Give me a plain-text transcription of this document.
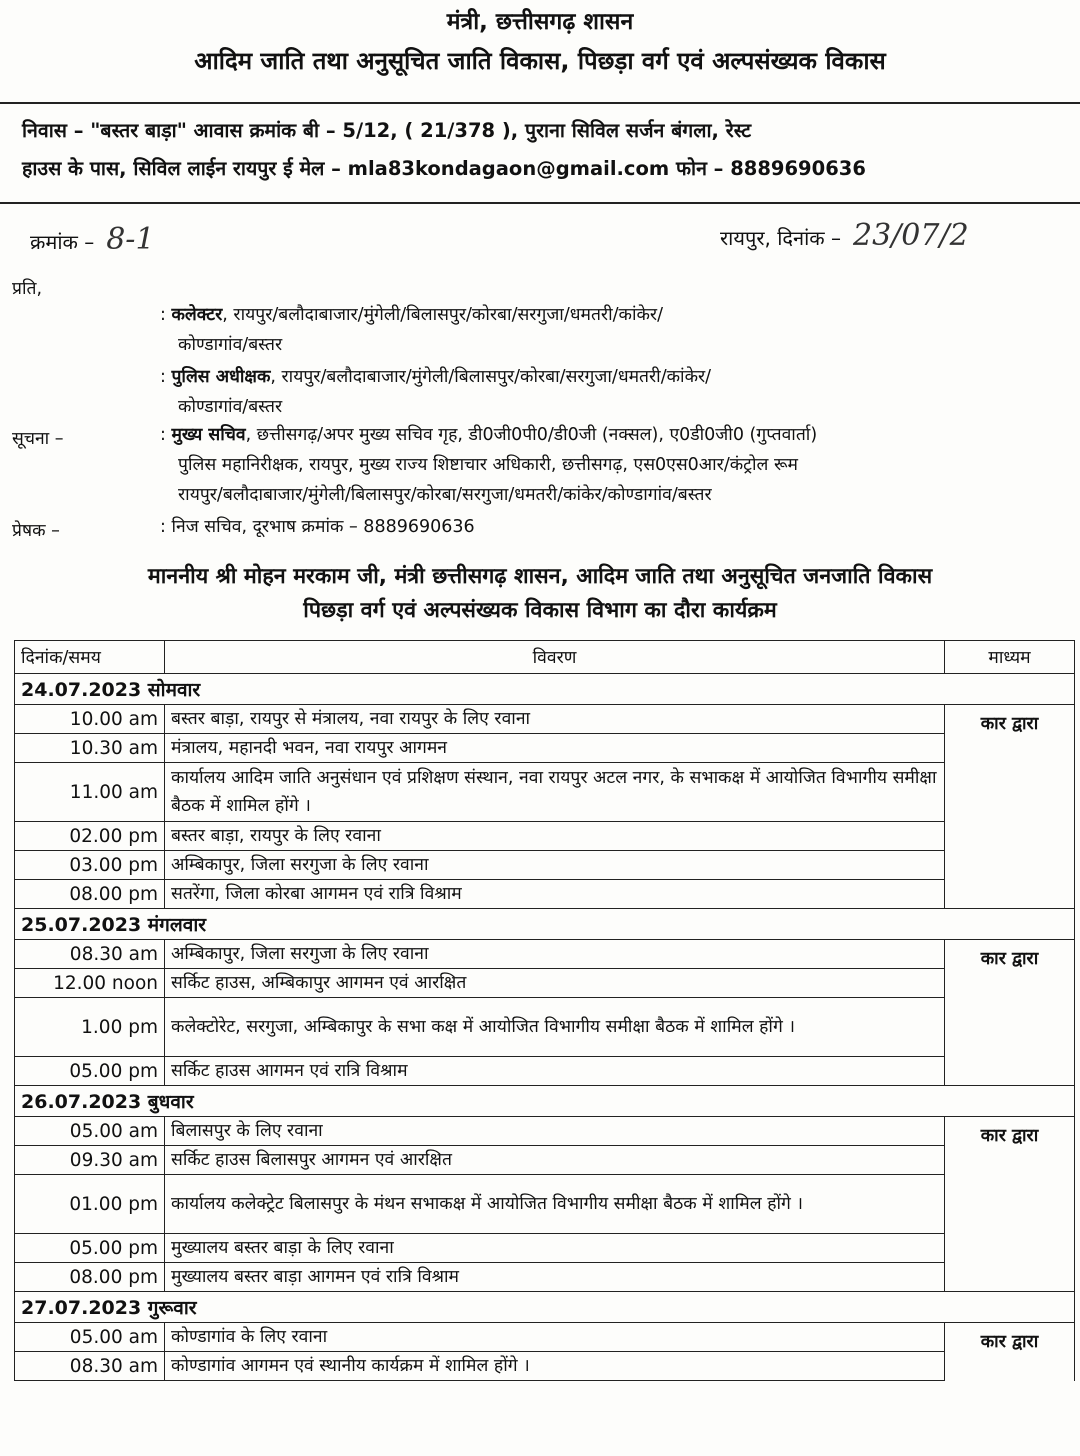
मंत्री, छत्तीसगढ़ शासन
आदिम जाति तथा अनुसूचित जाति विकास, पिछड़ा वर्ग एवं अल्पसंख्यक विकास
निवास – "बस्तर बाड़ा" आवास क्रमांक बी – 5/12, ( 21/378 ), पुराना सिविल सर्जन बंगला, रेस्ट
हाउस के पास, सिविल लाईन रायपुर ई मेल – mla83kondagaon@gmail.com फोन – 8889690636
क्रमांक – 8-1	रायपुर, दिनांक – 23/07/2
प्रति,
: कलेक्टर, रायपुर/बलौदाबाजार/मुंगेली/बिलासपुर/कोरबा/सरगुजा/धमतरी/कांकेर/
कोण्डागांव/बस्तर
: पुलिस अधीक्षक, रायपुर/बलौदाबाजार/मुंगेली/बिलासपुर/कोरबा/सरगुजा/धमतरी/कांकेर/
कोण्डागांव/बस्तर
सूचना –	: मुख्य सचिव, छत्तीसगढ़/अपर मुख्य सचिव गृह, डी0जी0पी0/डी0जी (नक्सल), ए0डी0जी0 (गुप्तवार्ता)
पुलिस महानिरीक्षक, रायपुर, मुख्य राज्य शिष्टाचार अधिकारी, छत्तीसगढ़, एस0एस0आर/कंट्रोल रूम
रायपुर/बलौदाबाजार/मुंगेली/बिलासपुर/कोरबा/सरगुजा/धमतरी/कांकेर/कोण्डागांव/बस्तर
प्रेषक –	: निज सचिव, दूरभाष क्रमांक – 8889690636
माननीय श्री मोहन मरकाम जी, मंत्री छत्तीसगढ़ शासन, आदिम जाति तथा अनुसूचित जनजाति विकास
पिछड़ा वर्ग एवं अल्पसंख्यक विकास विभाग का दौरा कार्यक्रम
दिनांक/समय	विवरण	माध्यम
24.07.2023 सोमवार		
10.00 am	बस्तर बाड़ा, रायपुर से मंत्रालय, नवा रायपुर के लिए रवाना	कार द्वारा
10.30 am	मंत्रालय, महानदी भवन, नवा रायपुर आगमन	
11.00 am	कार्यालय आदिम जाति अनुसंधान एवं प्रशिक्षण संस्थान, नवा रायपुर अटल नगर, के सभाकक्ष में आयोजित विभागीय समीक्षा बैठक में शामिल होंगे ।	
02.00 pm	बस्तर बाड़ा, रायपुर के लिए रवाना	
03.00 pm	अम्बिकापुर, जिला सरगुजा के लिए रवाना	
08.00 pm	सतरेंगा, जिला कोरबा आगमन एवं रात्रि विश्राम	
25.07.2023 मंगलवार		
08.30 am	अम्बिकापुर, जिला सरगुजा के लिए रवाना	कार द्वारा
12.00 noon	सर्किट हाउस, अम्बिकापुर आगमन एवं आरक्षित	
1.00 pm	कलेक्टोरेट, सरगुजा, अम्बिकापुर के सभा कक्ष में आयोजित विभागीय समीक्षा बैठक में शामिल होंगे ।	
05.00 pm	सर्किट हाउस आगमन एवं रात्रि विश्राम	
26.07.2023 बुधवार		
05.00 am	बिलासपुर के लिए रवाना	कार द्वारा
09.30 am	सर्किट हाउस बिलासपुर आगमन एवं आरक्षित	
01.00 pm	कार्यालय कलेक्ट्रेट बिलासपुर के मंथन सभाकक्ष में आयोजित विभागीय समीक्षा बैठक में शामिल होंगे ।	
05.00 pm	मुख्यालय बस्तर बाड़ा के लिए रवाना	
08.00 pm	मुख्यालय बस्तर बाड़ा आगमन एवं रात्रि विश्राम	
27.07.2023 गुरूवार		
05.00 am	कोण्डागांव के लिए रवाना	कार द्वारा
08.30 am	कोण्डागांव आगमन एवं स्थानीय कार्यक्रम में शामिल होंगे ।	
